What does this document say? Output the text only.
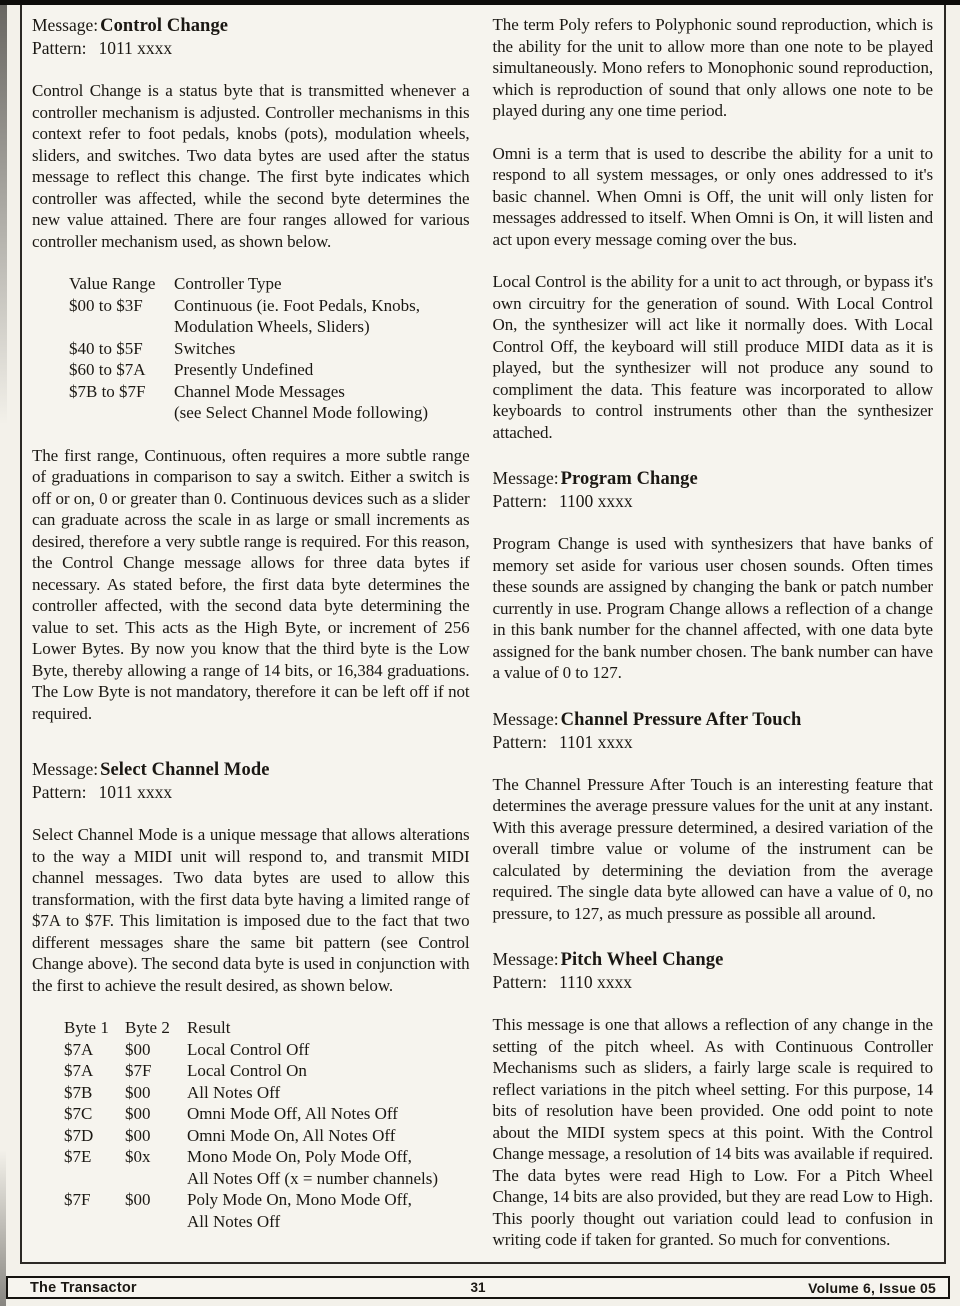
Message: Control Change
Pattern: 1011 xxxx

Control Change is a status byte that is transmitted whenever a controller mechanism is adjusted. Controller mechanisms in this context refer to foot pedals, knobs (pots), modulation wheels, sliders, and switches. Two data bytes are used after the status message to reflect this change. The first byte indicates which controller was affected, while the second byte determines the new value attained. There are four ranges allowed for various controller mechanism used, as shown below.

Value Range	Controller Type
$00 to $3F	Continuous (ie. Foot Pedals, Knobs,
Modulation Wheels, Sliders)
$40 to $5F	Switches
$60 to $7A	Presently Undefined
$7B to $7F	Channel Mode Messages
(see Select Channel Mode following)

The first range, Continuous, often requires a more subtle range of graduations in comparison to say a switch. Either a switch is off or on, 0 or greater than 0. Continuous devices such as a slider can graduate across the scale in as large or small increments as desired, therefore a very subtle range is required. For this reason, the Control Change message allows for three data bytes if necessary. As stated before, the first data byte determines the controller affected, with the second data byte determining the value to set. This acts as the High Byte, or increment of 256 Lower Bytes. By now you know that the third byte is the Low Byte, thereby allowing a range of 14 bits, or 16,384 graduations. The Low Byte is not mandatory, therefore it can be left off if not required.

Message: Select Channel Mode
Pattern: 1011 xxxx

Select Channel Mode is a unique message that allows alterations to the way a MIDI unit will respond to, and transmit MIDI channel messages. Two data bytes are used to allow this transformation, with the first data byte having a limited range of $7A to $7F. This limitation is imposed due to the fact that two different messages share the same bit pattern (see Control Change above). The second data byte is used in conjunction with the first to achieve the result desired, as shown below.

Byte 1 Byte 2	Result
$7A	$00	Local Control Off
$7A	$7F	Local Control On
$7B	$00	All Notes Off
$7C	$00	Omni Mode Off, All Notes Off
$7D	$00	Omni Mode On, All Notes Off
$7E	$0x	Mono Mode On, Poly Mode Off,
All Notes Off (x = number channels)
$7F	$00	Poly Mode On, Mono Mode Off,
All Notes Off

The term Poly refers to Polyphonic sound reproduction, which is the ability for the unit to allow more than one note to be played simultaneously. Mono refers to Monophonic sound reproduction, which is reproduction of sound that only allows one note to be played during any one time period.

Omni is a term that is used to describe the ability for a unit to respond to all system messages, or only ones addressed to it's basic channel. When Omni is Off, the unit will only listen for messages addressed to itself. When Omni is On, it will listen and act upon every message coming over the bus.

Local Control is the ability for a unit to act through, or bypass it's own circuitry for the generation of sound. With Local Control On, the synthesizer will act like it normally does. With Local Control Off, the keyboard will still produce MIDI data as it is played, but the synthesizer will not produce any sound to compliment the data. This feature was incorporated to allow keyboards to control instruments other than the synthesizer attached.

Message: Program Change
Pattern: 1100 xxxx

Program Change is used with synthesizers that have banks of memory set aside for various user chosen sounds. Often times these sounds are assigned by changing the bank or patch number currently in use. Program Change allows a reflection of a change in this bank number for the channel affected, with one data byte assigned for the bank number chosen. The bank number can have a value of 0 to 127.

Message: Channel Pressure After Touch
Pattern: 1101 xxxx

The Channel Pressure After Touch is an interesting feature that determines the average pressure values for the unit at any instant. With this average pressure determined, a desired variation of the overall timbre value or volume of the instrument can be calculated by determining the deviation from the average required. The single data byte allowed can have a value of 0, no pressure, to 127, as much pressure as possible all around.

Message: Pitch Wheel Change
Pattern: 1110 xxxx

This message is one that allows a reflection of any change in the setting of the pitch wheel. As with Continuous Controller Mechanisms such as sliders, a fairly large scale is required to reflect variations in the pitch wheel setting. For this purpose, 14 bits of resolution have been provided. One odd point to note about the MIDI system specs at this point. With the Control Change message, a resolution of 14 bits was available if required. The data bytes were read High to Low. For a Pitch Wheel Change, 14 bits are also provided, but they are read Low to High. This poorly thought out variation could lead to confusion in writing code if taken for granted. So much for conventions.

31
The Transactor	Volume 6, Issue 05
